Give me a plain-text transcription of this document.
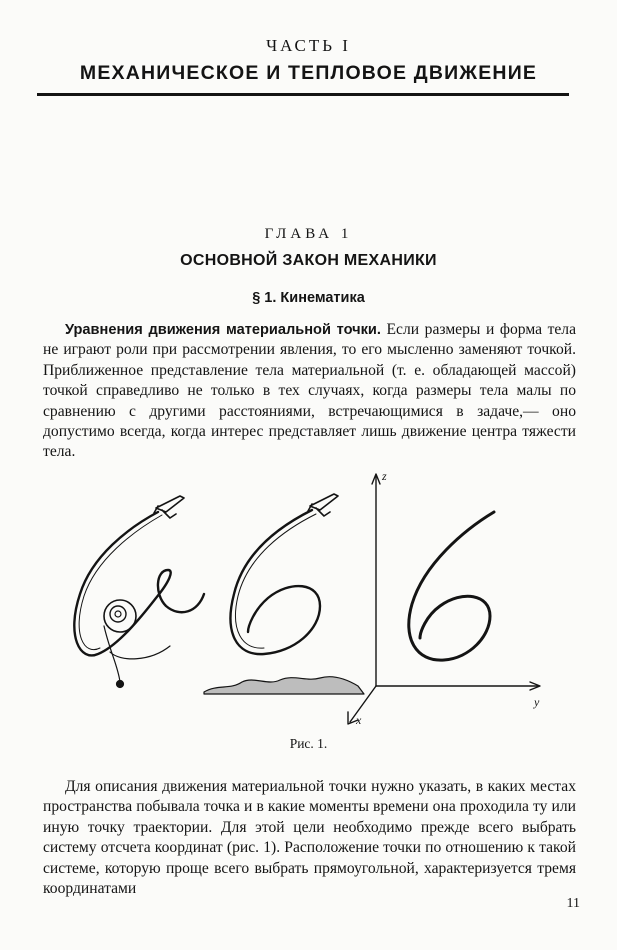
ЧАСТЬ I
МЕХАНИЧЕСКОЕ И ТЕПЛОВОЕ ДВИЖЕНИЕ
ГЛАВА 1
ОСНОВНОЙ ЗАКОН МЕХАНИКИ
§ 1. Кинематика

Уравнения движения материальной точки. Если размеры и форма тела не играют роли при рассмотрении явления, то его мысленно заменяют точкой. Приближенное представление тела материальной (т. е. обладающей массой) точкой справедливо не только в тех случаях, когда размеры тела малы по сравнению с другими расстояниями, встречающимися в задаче,— оно допустимо всегда, когда интерес представляет лишь движение центра тяжести тела.

z
y
x
Рис. 1.

Для описания движения материальной точки нужно указать, в каких местах пространства побывала точка и в какие моменты времени она проходила ту или иную точку траектории. Для этой цели необходимо прежде всего выбрать систему отсчета координат (рис. 1). Расположение точки по отношению к такой системе, которую проще всего выбрать прямоугольной, характеризуется тремя координатами

11
